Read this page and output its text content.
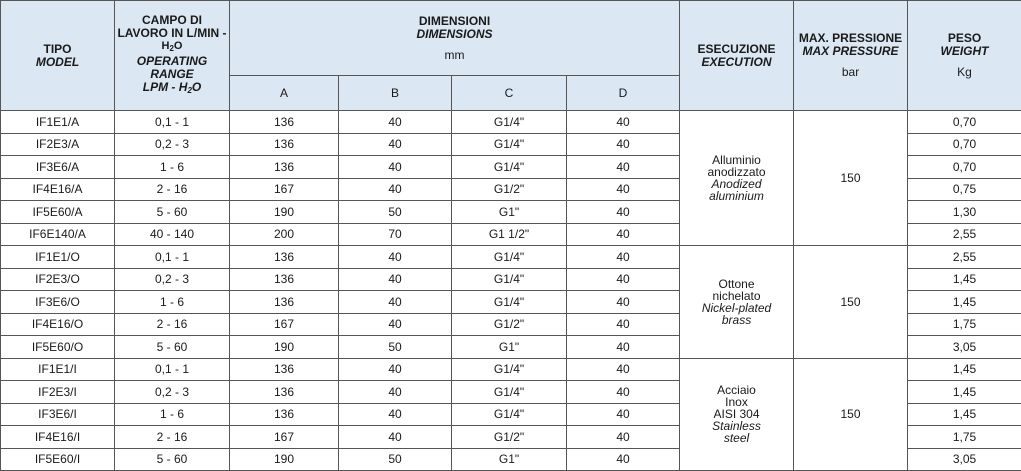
TIPO
MODEL	CAMPO DI
LAVORO IN L/MIN -
$H_2O$
OPERATING RANGE
LPM - $H_2O$	DIMENSIONI
DIMENSIONS
mm				ESECUZIONE
EXECUTION	MAX. PRESSIONE
MAX PRESSURE
bar	PESO
WEIGHT
Kg

		A	B	C	D			
IF1E1/A	0,1 - 1	136	40	G1/4"	40	Alluminio
anodizzato
Anodized
aluminium	150	0,70
IF2E3/A	0,2 - 3	136	40	G1/4"	40			0,70
IF3E6/A	1 - 6	136	40	G1/4"	40			0,70
IF4E16/A	2 - 16	167	40	G1/2"	40			0,75
IF5E60/A	5 - 60	190	50	G1"	40			1,30
IF6E140/A	40 - 140	200	70	G1 1/2"	40			2,55
IF1E1/O	0,1 - 1	136	40	G1/4"	40	Ottone
nichelato
Nickel-plated
brass	150	2,55
IF2E3/O	0,2 - 3	136	40	G1/4"	40			1,45
IF3E6/O	1 - 6	136	40	G1/4"	40			1,45
IF4E16/O	2 - 16	167	40	G1/2"	40			1,75
IF5E60/O	5 - 60	190	50	G1"	40			3,05
IF1E1/I	0,1 - 1	136	40	G1/4"	40	Acciaio
Inox
AISI 304
Stainless
steel	150	1,45
IF2E3/I	0,2 - 3	136	40	G1/4"	40			1,45
IF3E6/I	1 - 6	136	40	G1/4"	40			1,45
IF4E16/I	2 - 16	167	40	G1/2"	40			1,75
IF5E60/I	5 - 60	190	50	G1"	40			3,05
